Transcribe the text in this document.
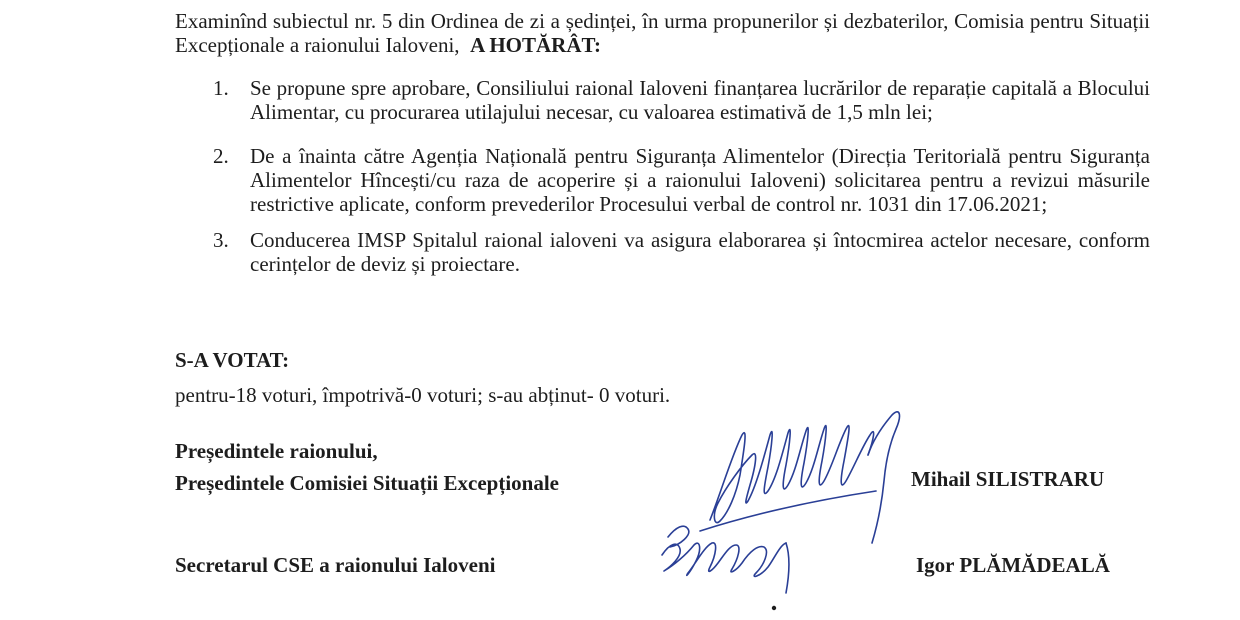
Examinînd subiectul nr. 5 din Ordinea de zi a ședinței, în urma propunerilor și dezbaterilor, Comisia pentru Situații Excepționale a raionului Ialoveni, A HOTĂRÂT:

1. Se propune spre aprobare, Consiliului raional Ialoveni finanțarea lucrărilor de reparație capitală a Blocului Alimentar, cu procurarea utilajului necesar, cu valoarea estimativă de 1,5 mln lei;
2. De a înainta către Agenția Națională pentru Siguranța Alimentelor (Direcția Teritorială pentru Siguranța Alimentelor Hîncești/cu raza de acoperire și a raionului Ialoveni) solicitarea pentru a revizui măsurile restrictive aplicate, conform prevederilor Procesului verbal de control nr. 1031 din 17.06.2021;
3. Conducerea IMSP Spitalul raional ialoveni va asigura elaborarea și întocmirea actelor necesare, conform cerințelor de deviz și proiectare.
S-A VOTAT:
pentru-18 voturi, împotrivă-0 voturi; s-au abținut- 0 voturi.
Președintele raionului,
Președintele Comisiei Situații Excepționale	Mihail SILISTRARU
Secretarul CSE a raionului Ialoveni	Igor PLĂMĂDEALĂ
